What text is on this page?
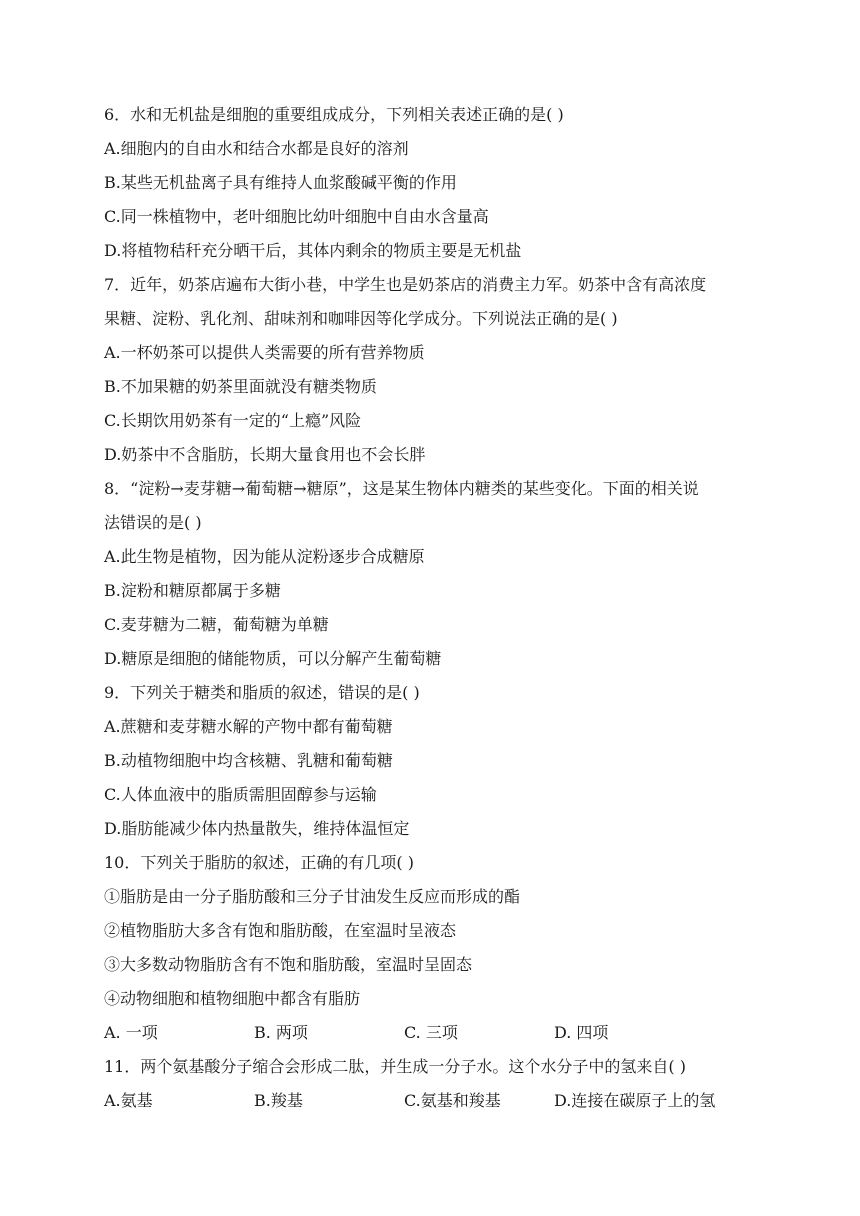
6．水和无机盐是细胞的重要组成成分，下列相关表述正确的是( )
A.细胞内的自由水和结合水都是良好的溶剂
B.某些无机盐离子具有维持人血浆酸碱平衡的作用
C.同一株植物中，老叶细胞比幼叶细胞中自由水含量高
D.将植物秸秆充分晒干后，其体内剩余的物质主要是无机盐
7．近年，奶茶店遍布大街小巷，中学生也是奶茶店的消费主力军。奶茶中含有高浓度
果糖、淀粉、乳化剂、甜味剂和咖啡因等化学成分。下列说法正确的是( )
A.一杯奶茶可以提供人类需要的所有营养物质
B.不加果糖的奶茶里面就没有糖类物质
C.长期饮用奶茶有一定的“上瘾”风险
D.奶茶中不含脂肪，长期大量食用也不会长胖
8．“淀粉→麦芽糖→葡萄糖→糖原”，这是某生物体内糖类的某些变化。下面的相关说
法错误的是( )
A.此生物是植物，因为能从淀粉逐步合成糖原
B.淀粉和糖原都属于多糖
C.麦芽糖为二糖，葡萄糖为单糖
D.糖原是细胞的储能物质，可以分解产生葡萄糖
9．下列关于糖类和脂质的叙述，错误的是( )
A.蔗糖和麦芽糖水解的产物中都有葡萄糖
B.动植物细胞中均含核糖、乳糖和葡萄糖
C.人体血液中的脂质需胆固醇参与运输
D.脂肪能减少体内热量散失，维持体温恒定
10．下列关于脂肪的叙述，正确的有几项( )
①脂肪是由一分子脂肪酸和三分子甘油发生反应而形成的酯
②植物脂肪大多含有饱和脂肪酸，在室温时呈液态
③大多数动物脂肪含有不饱和脂肪酸，室温时呈固态
④动物细胞和植物细胞中都含有脂肪
A. 一项	B. 两项	C. 三项	D. 四项
11．两个氨基酸分子缩合会形成二肽，并生成一分子水。这个水分子中的氢来自( )
A.氨基	B.羧基	C.氨基和羧基	D.连接在碳原子上的氢
